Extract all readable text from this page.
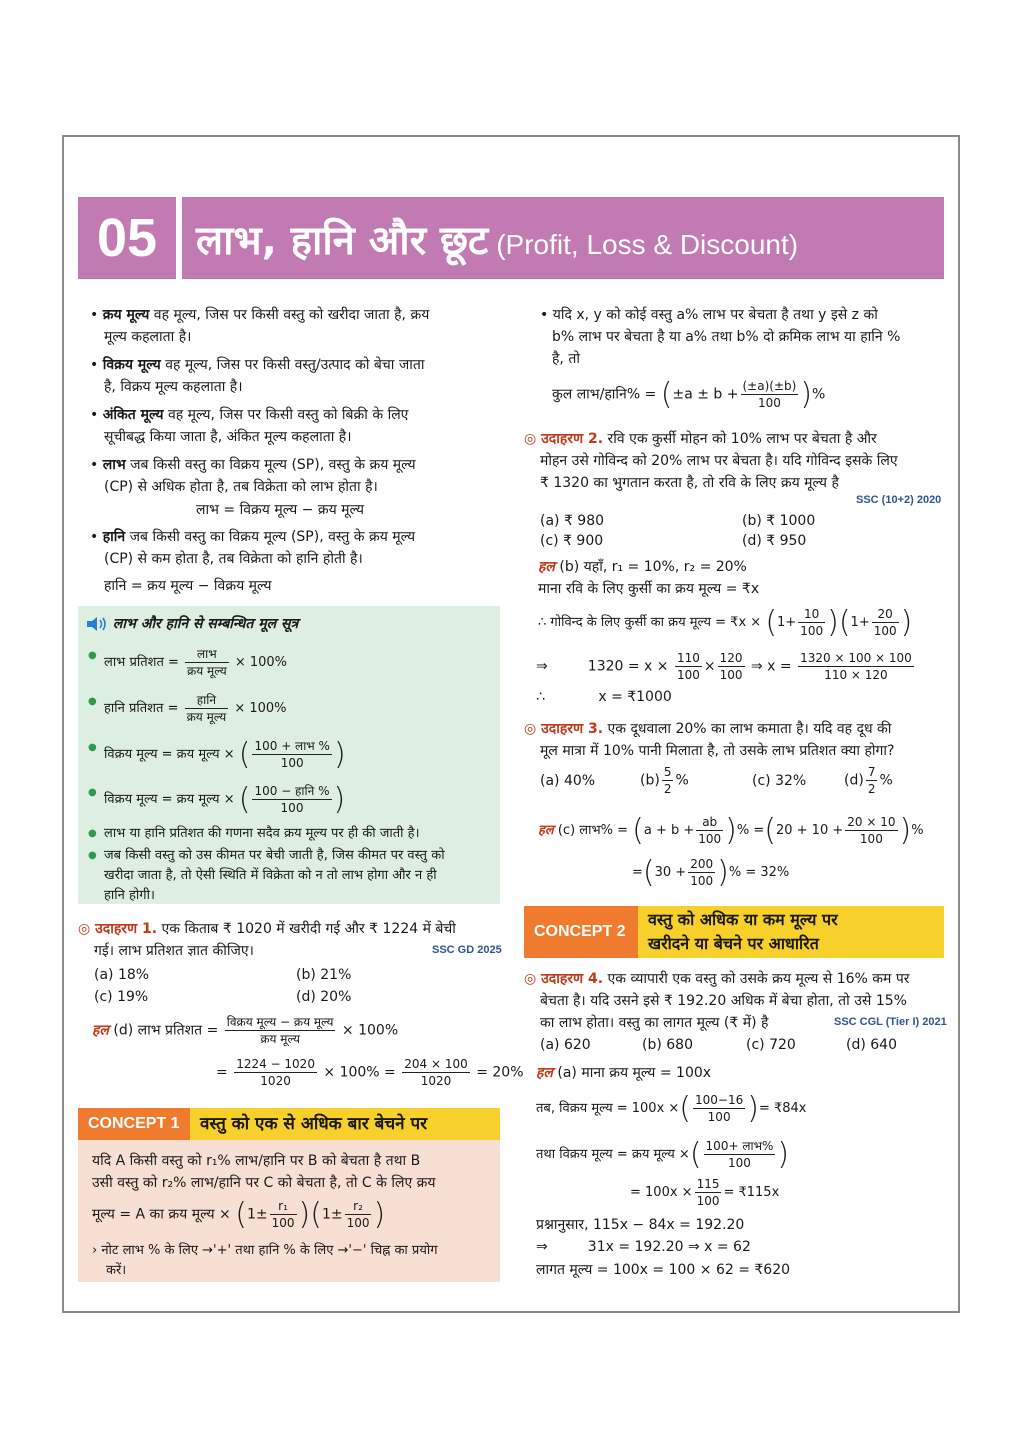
05 लाभ, हानि और छूट (Profit, Loss & Discount)
• क्रय मूल्य वह मूल्य, जिस पर किसी वस्तु को खरीदा जाता है, क्रय
मूल्य कहलाता है।
• विक्रय मूल्य वह मूल्य, जिस पर किसी वस्तु/उत्पाद को बेचा जाता
है, विक्रय मूल्य कहलाता है।
• अंकित मूल्य वह मूल्य, जिस पर किसी वस्तु को बिक्री के लिए
सूचीबद्ध किया जाता है, अंकित मूल्य कहलाता है।
• लाभ जब किसी वस्तु का विक्रय मूल्य (SP), वस्तु के क्रय मूल्य
(CP) से अधिक होता है, तब विक्रेता को लाभ होता है।
लाभ = विक्रय मूल्य − क्रय मूल्य
• हानि जब किसी वस्तु का विक्रय मूल्य (SP), वस्तु के क्रय मूल्य
(CP) से कम होता है, तब विक्रेता को हानि होती है।
हानि = क्रय मूल्य − विक्रय मूल्य
लाभ और हानि से सम्बन्धित मूल सूत्र
● लाभ प्रतिशत = $\frac{\text{लाभ}}{\text{क्रय मूल्य}} \times 100\%$
● हानि प्रतिशत = $\frac{\text{हानि}}{\text{क्रय मूल्य}} \times 100\%$
● विक्रय मूल्य = क्रय मूल्य × ( $\frac{\text{100 + लाभ \%}}{100}$ )
● विक्रय मूल्य = क्रय मूल्य × ( $\frac{\text{100 − हानि \%}}{100}$ )
● लाभ या हानि प्रतिशत की गणना सदैव क्रय मूल्य पर ही की जाती है।
● जब किसी वस्तु को उस कीमत पर बेची जाती है, जिस कीमत पर वस्तु को
खरीदा जाता है, तो ऐसी स्थिति में विक्रेता को न तो लाभ होगा और न ही
हानि होगी।
◎ उदाहरण 1. एक किताब ₹ 1020 में खरीदी गई और ₹ 1224 में बेची
गई। लाभ प्रतिशत ज्ञात कीजिए।	SSC GD 2025
(a) 18%	(b) 21%
(c) 19%	(d) 20%
हल (d) लाभ प्रतिशत = $\frac{\text{विक्रय मूल्य − क्रय मूल्य}}{\text{क्रय मूल्य}} \times 100\%$
= $\frac{1224 - 1020}{1020} \times 100\% = \frac{204 \times 100}{1020} = 20\%$
CONCEPT 1	वस्तु को एक से अधिक बार बेचने पर
यदि A किसी वस्तु को r₁% लाभ/हानि पर B को बेचता है तथा B
उसी वस्तु को r₂% लाभ/हानि पर C को बेचता है, तो C के लिए क्रय
मूल्य = A का क्रय मूल्य × $(1\pm \frac{\text{r₁}}{100} )(1\pm \frac{\text{r₂}}{100}$ )
› नोट लाभ % के लिए →'+' तथा हानि % के लिए →'−' चिह्न का प्रयोग
करें।
• यदि x, y को कोई वस्तु a% लाभ पर बेचता है तथा y इसे z को
b% लाभ पर बेचता है या a% तथा b% दो क्रमिक लाभ या हानि %
है, तो
कुल लाभ/हानि% = ($\pm a \pm b + \frac{(\pm a)(\pm b)}{100}$ )%
◎ उदाहरण 2. रवि एक कुर्सी मोहन को 10% लाभ पर बेचता है और
मोहन उसे गोविन्द को 20% लाभ पर बेचता है। यदि गोविन्द इसके लिए
₹ 1320 का भुगतान करता है, तो रवि के लिए क्रय मूल्य है
SSC (10+2) 2020
(a) ₹ 980	(b) ₹ 1000
(c) ₹ 900	(d) ₹ 950
हल (b) यहाँ, r₁ = 10%, r₂ = 20%
माना रवि के लिए कुर्सी का क्रय मूल्य = ₹x
∴ गोविन्द के लिए कुर्सी का क्रय मूल्य = ₹x × $(1+ \frac{10}{100} )(1+ \frac{20}{100}$ )
⇒	$1320 = x \times \frac{110}{100} \times \frac{120}{100}$ ⇒ $x = \frac{1320 \times 100 \times 100}{110 \times 120}$
∴	x = ₹1000
◎ उदाहरण 3. एक दूधवाला 20% का लाभ कमाता है। यदि वह दूध की
मूल मात्रा में 10% पानी मिलाता है, तो उसके लाभ प्रतिशत क्या होगा?
(a) 40%	$(b) \frac{5}{2}$ %	(c) 32%	$(d) \frac{7}{2}$ %
हल (c) लाभ% = ($a + b + \frac{ab}{100}$ )% $=(20 + 10 + \frac{20 \times 10}{100}$ )%
$=(30 + \frac{200}{100}$ )% = 32%
CONCEPT 2
वस्तु को अधिक या कम मूल्य पर
खरीदने या बेचने पर आधारित
◎ उदाहरण 4. एक व्यापारी एक वस्तु को उसके क्रय मूल्य से 16% कम पर
बेचता है। यदि उसने इसे ₹ 192.20 अधिक में बेचा होता, तो उसे 15%
का लाभ होता। वस्तु का लागत मूल्य (₹ में) है	SSC CGL (Tier I) 2021
(a) 620	(b) 680	(c) 720	(d) 640
हल (a) माना क्रय मूल्य = 100x
तब, विक्रय मूल्य = 100x ×( $\frac{100-16}{100}$ )= ₹84x
तथा विक्रय मूल्य = क्रय मूल्य ×( $\frac{\text{100+ लाभ\%}}{100}$ )
= $100x \times \frac{115}{100}$ = ₹115x
प्रश्नानुसार, 115x − 84x = 192.20
⇒	31x = 192.20 ⇒ x = 62
लागत मूल्य = 100x = 100 × 62 = ₹620
